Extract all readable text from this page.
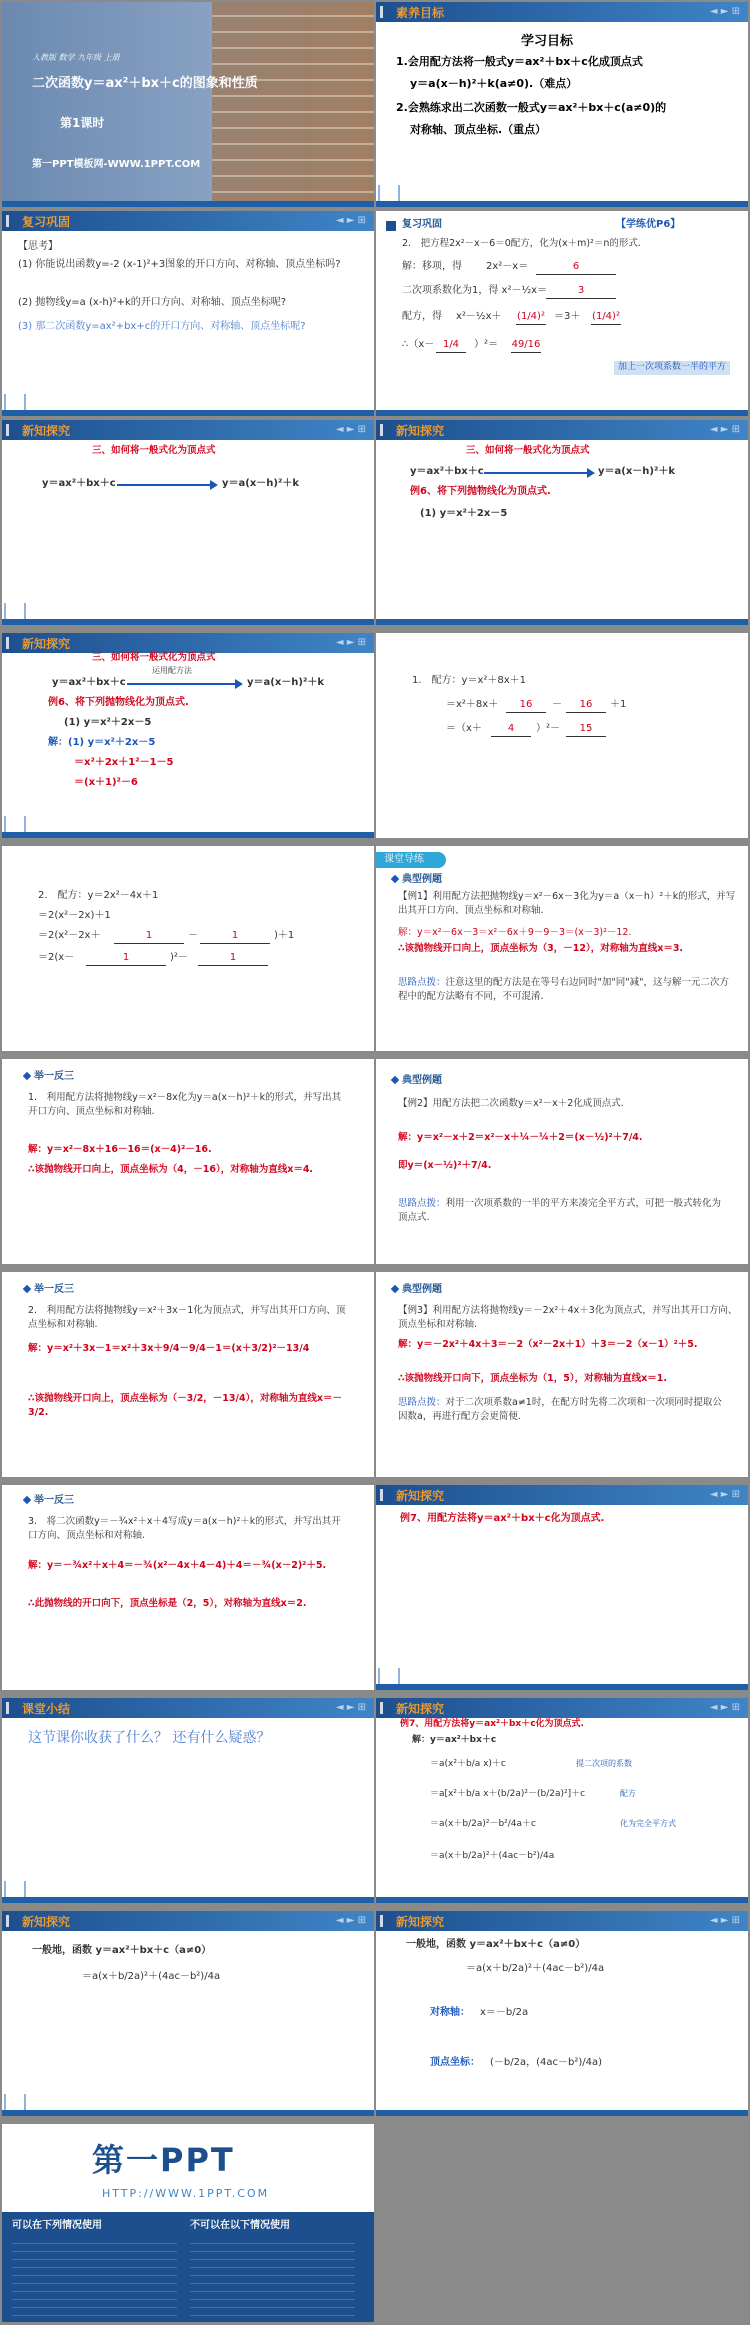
人教版 数学 九年级 上册
二次函数y＝ax²＋bx＋c的图象和性质
第1课时
第一PPT模板网-WWW.1PPT.COM
素养目标	◄ ► ⊞
学习目标
1.会用配方法将一般式y＝ax²＋bx＋c化成顶点式
y＝a(x－h)²＋k(a≠0).（难点）
2.会熟练求出二次函数一般式y＝ax²＋bx＋c(a≠0)的
对称轴、顶点坐标.（重点）
复习巩固	◄ ► ⊞
【思考】
(1) 你能说出函数y=-2 (x-1)²+3图象的开口方向、对称轴、顶点坐标吗?
(2) 抛物线y=a (x-h)²+k的开口方向、对称轴、顶点坐标呢?
(3) 那二次函数y=ax²+bx+c的开口方向、对称轴、顶点坐标呢?
复习巩固	【学练优P6】
2.　把方程2x²－x－6＝0配方，化为(x＋m)²＝n的形式.
解：移项，得 2x²－x＝	6
二次项系数化为1，得 x²－½x＝	3
配方，得 x²－½x＋ (1/4)² ＝3＋ (1/4)²
∴（x－ 1/4	）²＝ 49/16
加上一次项系数一半的平方
新知探究	◄ ► ⊞
三、如何将一般式化为顶点式
y＝ax²＋bx＋c	y＝a(x－h)²＋k
新知探究	◄ ► ⊞
三、如何将一般式化为顶点式
y＝ax²＋bx＋c	y＝a(x－h)²＋k
例6、将下列抛物线化为顶点式.
(1) y＝x²＋2x－5
新知探究	◄ ► ⊞
三、如何将一般式化为顶点式
y＝ax²＋bx＋c
运用配方法
y＝a(x－h)²＋k
例6、将下列抛物线化为顶点式.
(1) y＝x²＋2x－5
解：(1) y＝x²＋2x－5
＝x²＋2x＋1²－1－5
＝(x＋1)²－6
1.　配方：y＝x²＋8x＋1
＝x²＋8x＋	16	－	16	＋1
＝（x＋	4	）²－	15
2.　配方：y＝2x²－4x＋1
＝2(x²－2x)＋1
＝2(x²－2x＋	1	－	1	)＋1
＝2(x－	1	)²－	1
课堂导练
典型例题
【例1】利用配方法把抛物线y＝x²－6x－3化为y＝a（x－h）²＋k的形式，并写出其开口方向、顶点坐标和对称轴.
解：y＝x²－6x－3＝x²－6x＋9－9－3＝(x－3)²－12.
∴该抛物线开口向上，顶点坐标为（3，－12），对称轴为直线x＝3.
思路点拨：注意这里的配方法是在等号右边同时"加"同"减"，这与解一元二次方程中的配方法略有不同，不可混淆.
举一反三
1.　利用配方法将抛物线y＝x²－8x化为y＝a(x－h)²＋k的形式，并写出其开口方向、顶点坐标和对称轴.
解：y＝x²－8x＋16－16＝(x－4)²－16.
∴该抛物线开口向上，顶点坐标为（4，－16），对称轴为直线x＝4.
典型例题
【例2】用配方法把二次函数y＝x²－x＋2化成顶点式.
解：y＝x²－x＋2＝x²－x＋¼－¼＋2＝(x－½)²＋7/4.
即y＝(x－½)²＋7/4.
思路点拨：利用一次项系数的一半的平方来凑完全平方式，可把一般式转化为顶点式.
举一反三
2.　利用配方法将抛物线y＝x²＋3x－1化为顶点式，并写出其开口方向、顶点坐标和对称轴.
解：y＝x²＋3x－1＝x²＋3x＋9/4－9/4－1＝(x＋3/2)²－13/4
∴该抛物线开口向上，顶点坐标为（－3/2，－13/4），对称轴为直线x＝－3/2.
典型例题
【例3】利用配方法将抛物线y＝－2x²＋4x＋3化为顶点式，并写出其开口方向、顶点坐标和对称轴.
解：y＝－2x²＋4x＋3＝－2（x²－2x＋1）＋3＝－2（x－1）²＋5.
∴该抛物线开口向下，顶点坐标为（1，5），对称轴为直线x＝1.
思路点拨：对于二次项系数a≠1时，在配方时先将二次项和一次项同时提取公因数a，再进行配方会更简便.
举一反三
3.　将二次函数y＝－¾x²＋x＋4写成y＝a(x－h)²＋k的形式，并写出其开口方向、顶点坐标和对称轴.
解：y＝－¾x²＋x＋4＝－¾(x²－4x＋4－4)＋4＝－¾(x－2)²＋5.
∴此抛物线的开口向下，顶点坐标是（2，5），对称轴为直线x＝2.
新知探究	◄ ► ⊞
例7、用配方法将y＝ax²＋bx＋c化为顶点式.
课堂小结	◄ ► ⊞
这节课你收获了什么？ 还有什么疑惑？
新知探究	◄ ► ⊞
例7、用配方法将y＝ax²＋bx＋c化为顶点式.
解：y＝ax²＋bx＋c
＝a(x²＋b/a x)＋c	提二次项的系数
＝a[x²＋b/a x＋(b/2a)²－(b/2a)²]＋c	配方
＝a(x＋b/2a)²－b²/4a＋c	化为完全平方式
＝a(x＋b/2a)²＋(4ac－b²)/4a
新知探究	◄ ► ⊞
一般地，函数 y＝ax²＋bx＋c（a≠0）
＝a(x＋b/2a)²＋(4ac－b²)/4a
新知探究	◄ ► ⊞
一般地，函数 y＝ax²＋bx＋c（a≠0）
＝a(x＋b/2a)²＋(4ac－b²)/4a
对称轴： x＝－b/2a
顶点坐标： (－b/2a，(4ac－b²)/4a)
第一PPT
HTTP://WWW.1PPT.COM
可以在下列情况使用	不可以在以下情况使用
